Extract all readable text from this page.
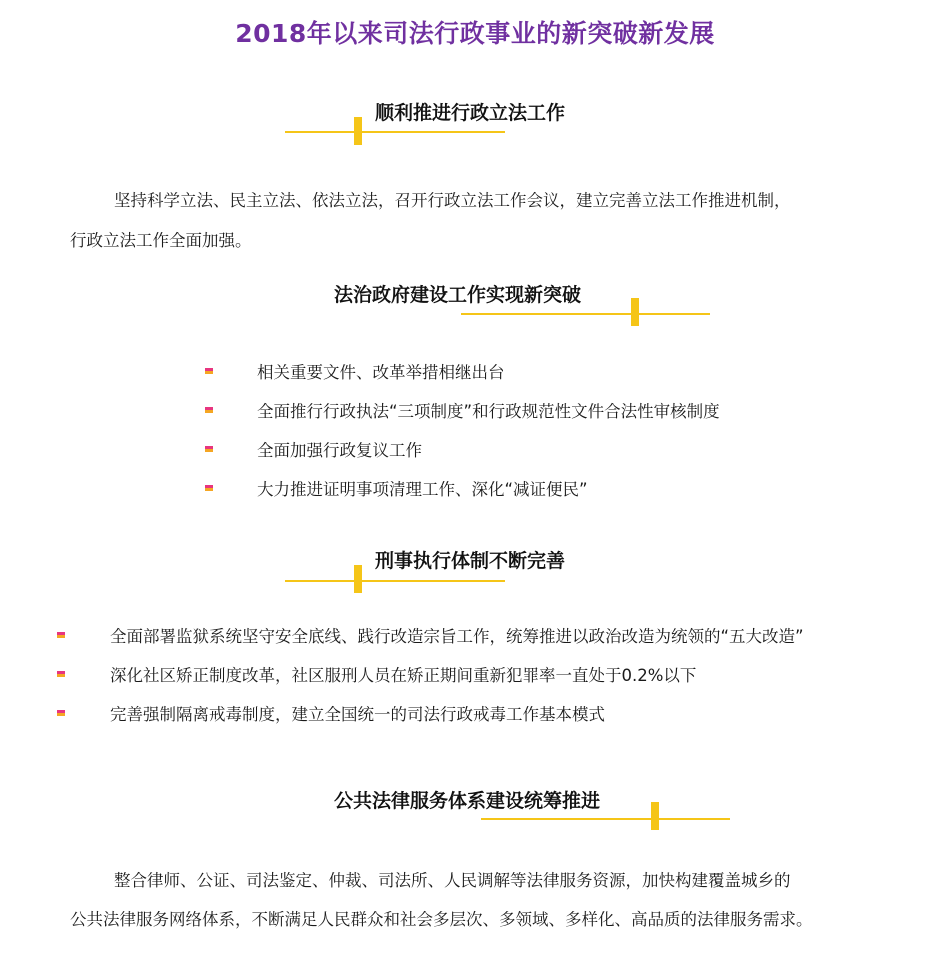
2018年以来司法行政事业的新突破新发展
顺利推进行政立法工作
坚持科学立法、民主立法、依法立法，召开行政立法工作会议，建立完善立法工作推进机制，
行政立法工作全面加强。
法治政府建设工作实现新突破
相关重要文件、改革举措相继出台
全面推行行政执法“三项制度”和行政规范性文件合法性审核制度
全面加强行政复议工作
大力推进证明事项清理工作、深化“减证便民”
刑事执行体制不断完善
全面部署监狱系统坚守安全底线、践行改造宗旨工作，统筹推进以政治改造为统领的“五大改造”
深化社区矫正制度改革，社区服刑人员在矫正期间重新犯罪率一直处于0.2%以下
完善强制隔离戒毒制度，建立全国统一的司法行政戒毒工作基本模式
公共法律服务体系建设统筹推进
整合律师、公证、司法鉴定、仲裁、司法所、人民调解等法律服务资源，加快构建覆盖城乡的
公共法律服务网络体系，不断满足人民群众和社会多层次、多领域、多样化、高品质的法律服务需求。
